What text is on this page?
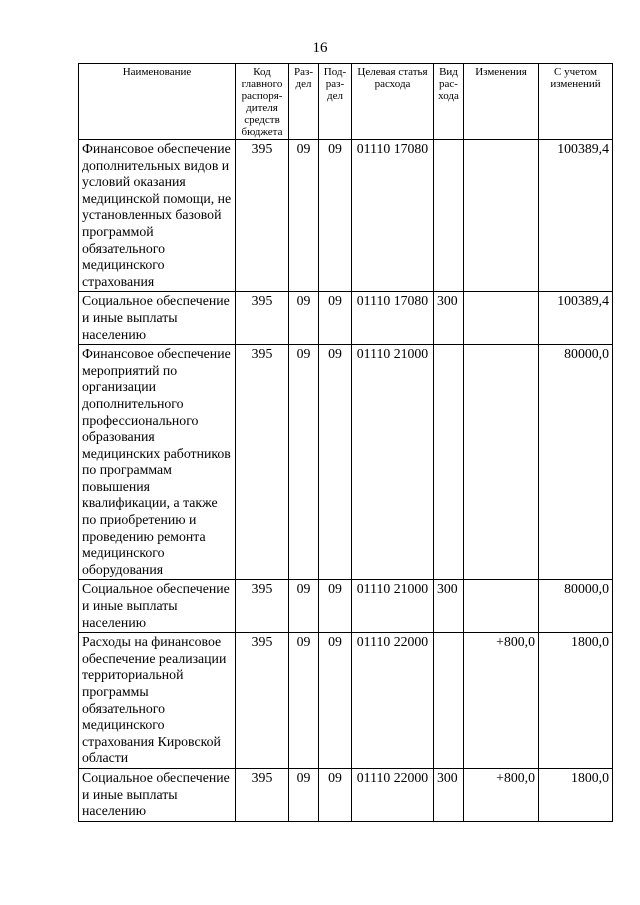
16
Наименование	Код главного распоря-дителя средств бюджета	Раз-дел	Под-раз-дел	Целевая статья расхода	Вид рас-хода	Изменения	С учетом изменений
Финансовое обеспечение дополнительных видов и условий оказания медицинской помощи, не установленных базовой программой обязательного медицинского страхования	395	09	09	01110 17080			100389,4
Социальное обеспечение и иные выплаты населению	395	09	09	01110 17080	300		100389,4
Финансовое обеспечение мероприятий по организации дополнительного профессионального образования медицинских работников по программам повышения квалификации, а также по приобретению и проведению ремонта медицинского оборудования	395	09	09	01110 21000			80000,0
Социальное обеспечение и иные выплаты населению	395	09	09	01110 21000	300		80000,0
Расходы на финансовое обеспечение реализации территориальной программы обязательного медицинского страхования Кировской области	395	09	09	01110 22000		+800,0	1800,0
Социальное обеспечение и иные выплаты населению	395	09	09	01110 22000	300	+800,0	1800,0
